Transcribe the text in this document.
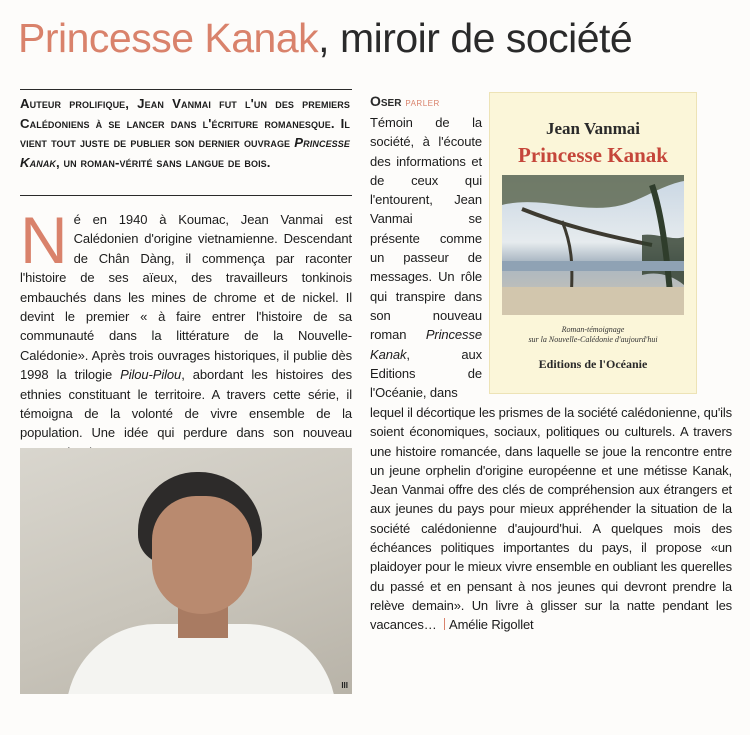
Princesse Kanak, miroir de société

Auteur prolifique, Jean Vanmai fut l'un des premiers Calédoniens à se lancer dans l'écriture romanesque. Il vient tout juste de publier son dernier ouvrage Princesse Kanak, un roman-vérité sans langue de bois.

Né en 1940 à Koumac, Jean Vanmai est Calédonien d'origine vietnamienne. Descendant de Chân Dàng, il commença par raconter l'histoire de ses aïeux, des travailleurs tonkinois embauchés dans les mines de chrome et de nickel. Il devint le premier « à faire entrer l'histoire de sa communauté dans la littérature de la Nouvelle-Calédonie». Après trois ouvrages historiques, il publie dès 1998 la trilogie Pilou-Pilou, abordant les histoires des ethnies constituant le territoire. A travers cette série, il témoigna de la volonté de vivre ensemble de la population. Une idée qui perdure dans son nouveau

III
Oser parler

Témoin de la société, à l'écoute des informations et de ceux qui l'entourent, Jean Vanmai se présente comme un passeur de messages. Un rôle qui transpire dans son nouveau roman Princesse Kanak, aux Editions de l'Océanie, dans

lequel il décortique les prismes de la société calédonienne, qu'ils soient économiques, sociaux, politiques ou culturels. A travers une histoire romancée, dans laquelle se joue la rencontre entre un jeune orphelin d'origine européenne et une métisse Kanak, Jean Vanmai offre des clés de compréhension aux étrangers et aux jeunes du pays pour mieux appréhender la situation de la société calédonienne d'aujourd'hui. A quelques mois des échéances politiques importantes du pays, il propose «un plaidoyer pour le mieux vivre ensemble en oubliant les querelles du passé et en pensant à nos jeunes qui devront prendre la relève demain». Un livre à glisser sur la natte pendant les vacances… Amélie Rigollet

Jean Vanmai
Princesse Kanak
Roman-témoignage
sur la Nouvelle-Calédonie d'aujourd'hui
Editions de l'Océanie
